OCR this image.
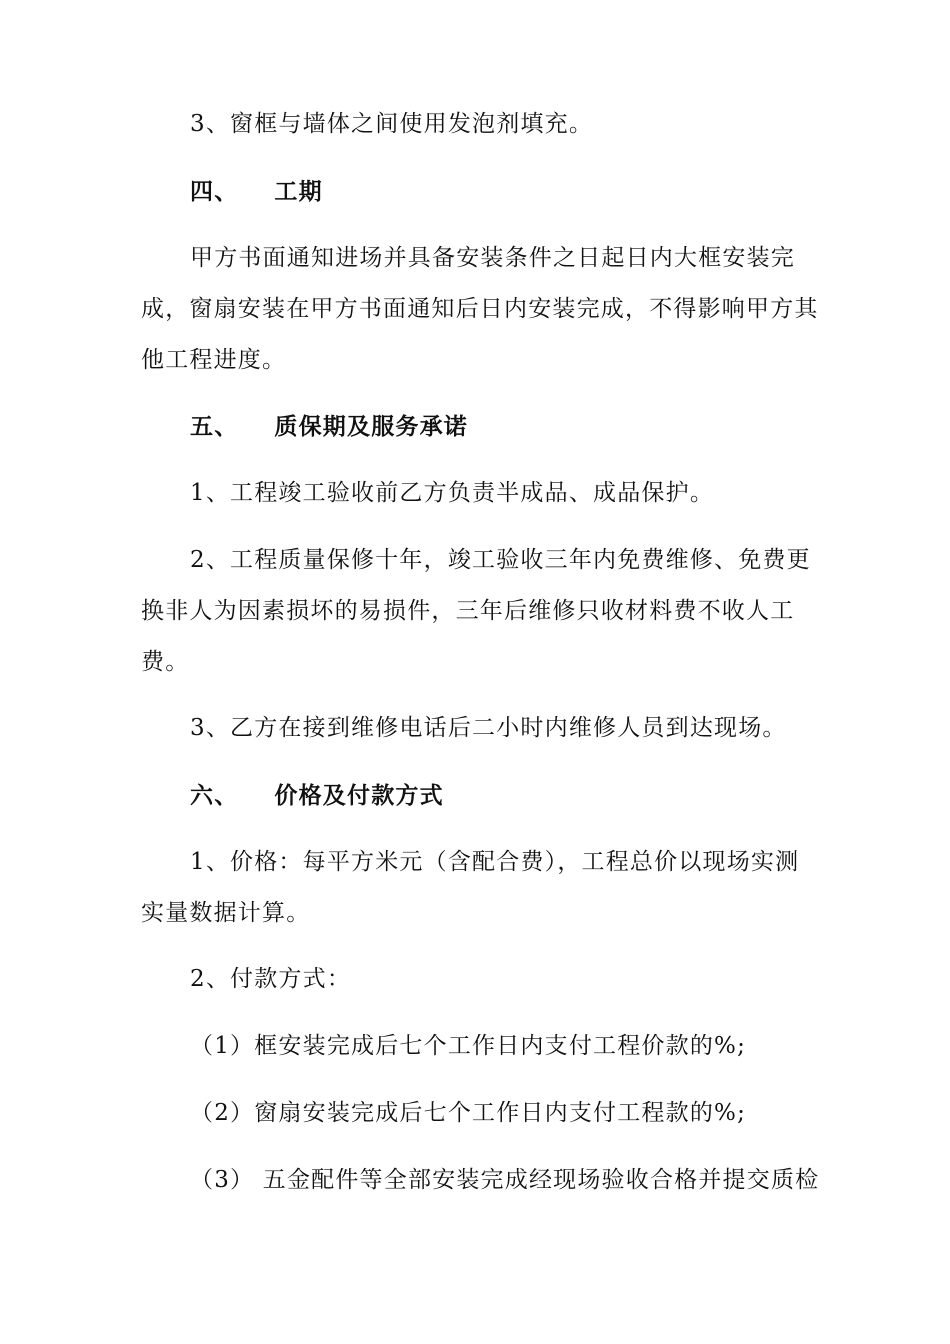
3、窗框与墙体之间使用发泡剂填充。

四、 工期

甲方书面通知进场并具备安装条件之日起日内大框安装完

成，窗扇安装在甲方书面通知后日内安装完成，不得影响甲方其

他工程进度。

五、 质保期及服务承诺

1、工程竣工验收前乙方负责半成品、成品保护。

2、工程质量保修十年，竣工验收三年内免费维修、免费更

换非人为因素损坏的易损件，三年后维修只收材料费不收人工

费。

3、乙方在接到维修电话后二小时内维修人员到达现场。

六、 价格及付款方式

1、价格：每平方米元（含配合费），工程总价以现场实测

实量数据计算。

2、付款方式：

（1）框安装完成后七个工作日内支付工程价款的%;

（2）窗扇安装完成后七个工作日内支付工程款的%;

（3） 五金配件等全部安装完成经现场验收合格并提交质检
